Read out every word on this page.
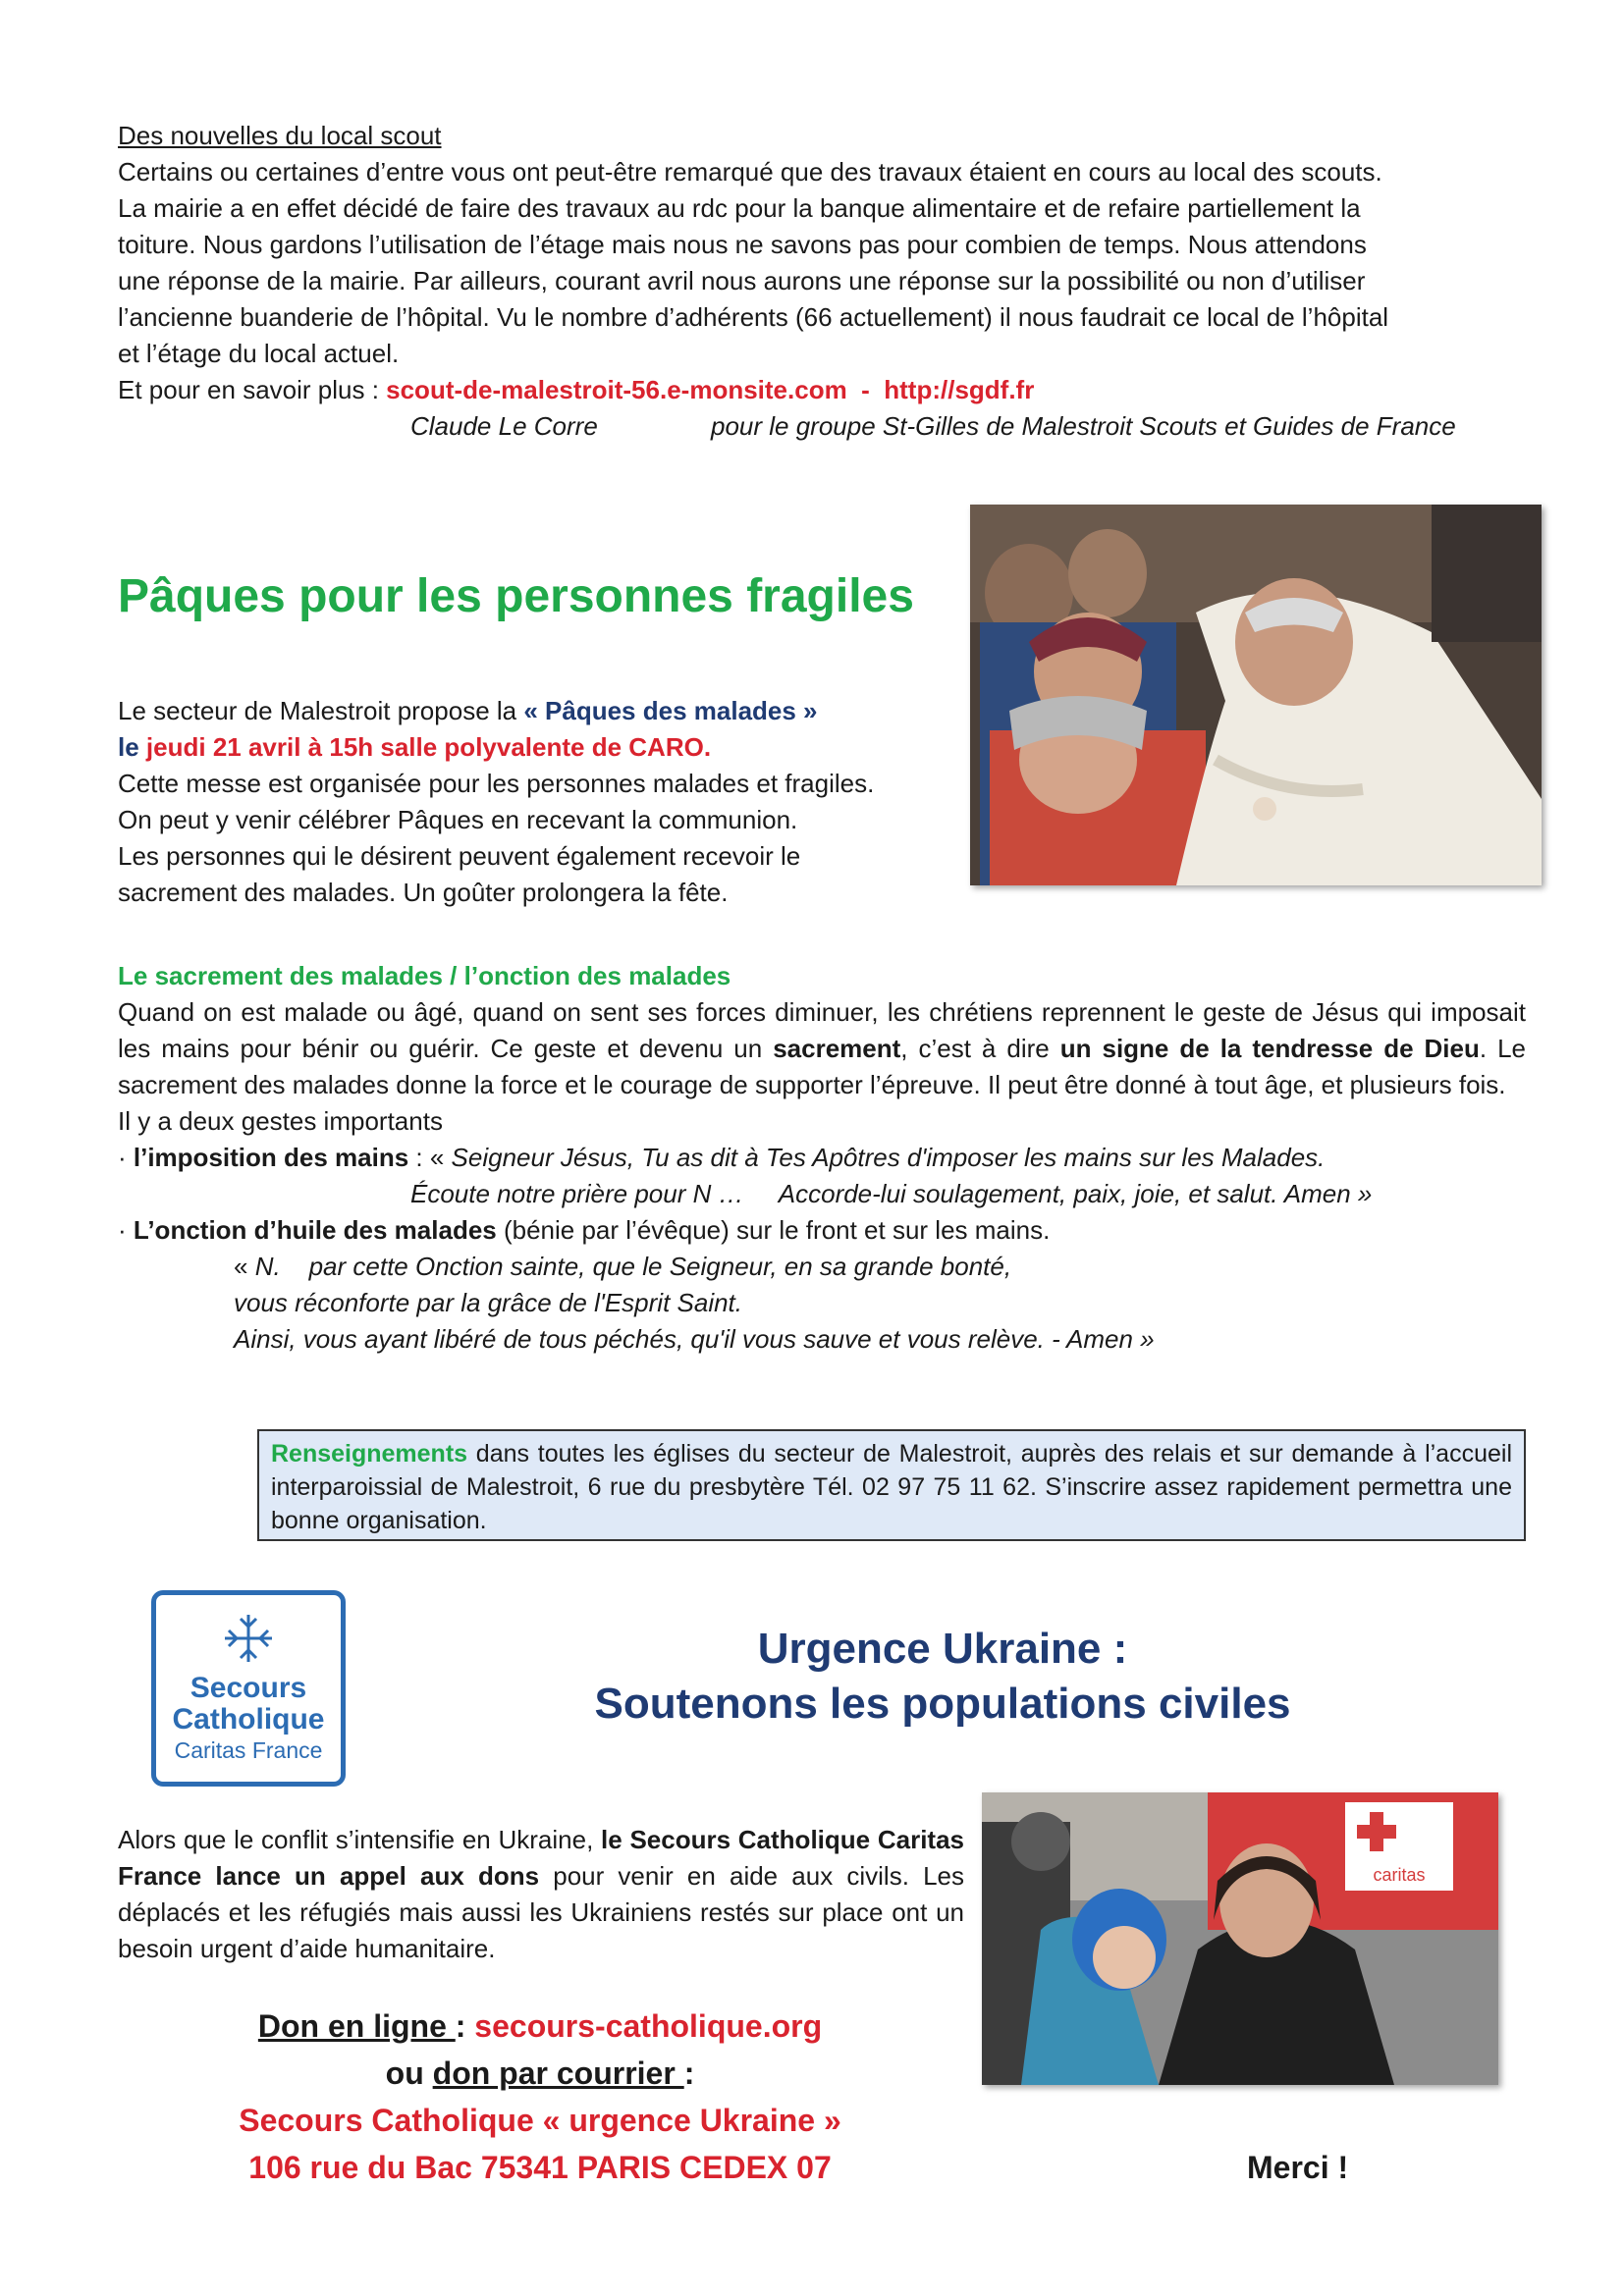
Des nouvelles du local scout
Certains ou certaines d’entre vous ont peut-être remarqué que des travaux étaient en cours au local des scouts.
La mairie a en effet décidé de faire des travaux au rdc pour la banque alimentaire et de refaire partiellement la
toiture. Nous gardons l’utilisation de l’étage mais nous ne savons pas pour combien de temps. Nous attendons
une réponse de la mairie. Par ailleurs, courant avril nous aurons une réponse sur la possibilité ou non d’utiliser
l’ancienne buanderie de l’hôpital. Vu le nombre d’adhérents (66 actuellement) il nous faudrait ce local de l’hôpital
et l’étage du local actuel.
Et pour en savoir plus : scout-de-malestroit-56.e-monsite.com  -  http://sgdf.fr
Claude Le Corre	pour le groupe St-Gilles de Malestroit Scouts et Guides de France
Pâques pour les personnes fragiles
Le secteur de Malestroit propose la « Pâques des malades »
le jeudi 21 avril à 15h salle polyvalente de CARO.
Cette messe est organisée pour les personnes malades et fragiles.
On peut y venir célébrer Pâques en recevant la communion.
Les personnes qui le désirent peuvent également recevoir le
sacrement des malades. Un goûter prolongera la fête.
Le sacrement des malades / l’onction des malades
Quand on est malade ou âgé, quand on sent ses forces diminuer, les chrétiens reprennent le geste de Jésus qui imposait les mains pour bénir ou guérir. Ce geste et devenu un sacrement, c’est à dire un signe de la tendresse de Dieu. Le sacrement des malades donne la force et le courage de supporter l’épreuve. Il peut être donné à tout âge, et plusieurs fois.
Il y a deux gestes importants
· l’imposition des mains : « Seigneur Jésus, Tu as dit à Tes Apôtres d'imposer les mains sur les Malades.
Écoute notre prière pour N …     Accorde-lui soulagement, paix, joie, et salut. Amen »
· L’onction d’huile des malades (bénie par l’évêque) sur le front et sur les mains.
« N.    par cette Onction sainte, que le Seigneur, en sa grande bonté,
vous réconforte par la grâce de l'Esprit Saint.
Ainsi, vous ayant libéré de tous péchés, qu'il vous sauve et vous relève. - Amen »
Renseignements dans toutes les églises du secteur de Malestroit, auprès des relais et sur demande à l’accueil interparoissial de Malestroit, 6 rue du presbytère Tél. 02 97 75 11 62. S’inscrire assez rapidement permettra une bonne organisation.
Secours
Catholique
Caritas France
Urgence Ukraine :
Soutenons les populations civiles
caritas
Alors que le conflit s’intensifie en Ukraine, le Secours Catholique Caritas France lance un appel aux dons pour venir en aide aux civils. Les déplacés et les réfugiés mais aussi les Ukrainiens restés sur place ont un besoin urgent d’aide humanitaire.
Don en ligne : secours-catholique.org
ou don par courrier :
Secours Catholique « urgence Ukraine »
106 rue du Bac 75341 PARIS CEDEX 07	Merci !
